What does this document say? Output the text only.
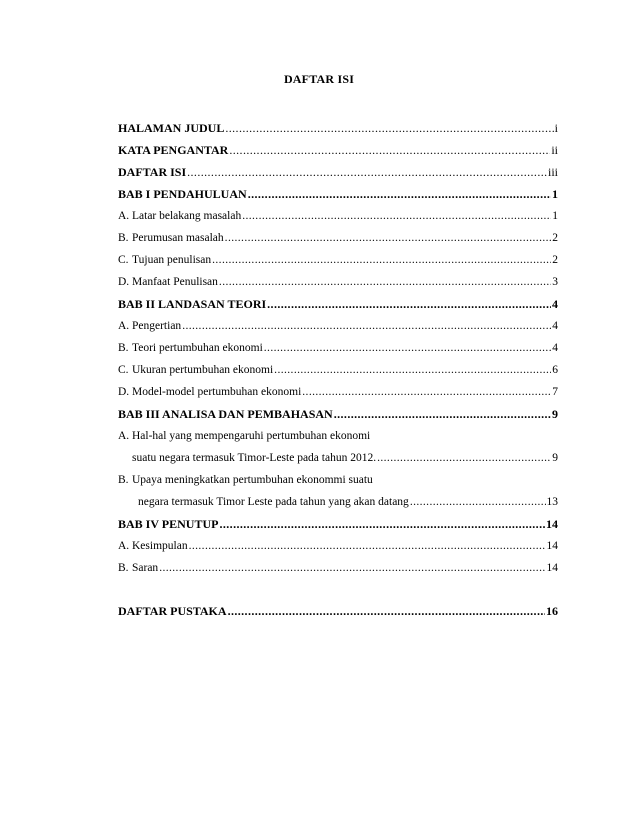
DAFTAR ISI
HALAMAN JUDUL .....	i
KATA PENGANTAR .....	ii
DAFTAR ISI .....	iii
BAB I PENDAHULUAN .....	1
A. Latar belakang masalah .....	1
B. Perumusan masalah .....	2
C. Tujuan penulisan .....	2
D. Manfaat Penulisan .....	3
BAB II LANDASAN TEORI .....	4
A. Pengertian .....	4
B. Teori pertumbuhan ekonomi .....	4
C. Ukuran pertumbuhan ekonomi .....	6
D. Model-model pertumbuhan ekonomi .....	7
BAB III ANALISA DAN PEMBAHASAN .....	9
A. Hal-hal yang mempengaruhi pertumbuhan ekonomi
suatu negara termasuk Timor-Leste pada tahun 2012. .....	9
B. Upaya meningkatkan pertumbuhan ekonommi suatu
negara termasuk Timor Leste pada tahun yang akan datang .....	13
BAB IV PENUTUP .....	14
A. Kesimpulan .....	14
B. Saran .....	14
DAFTAR PUSTAKA .....	16
